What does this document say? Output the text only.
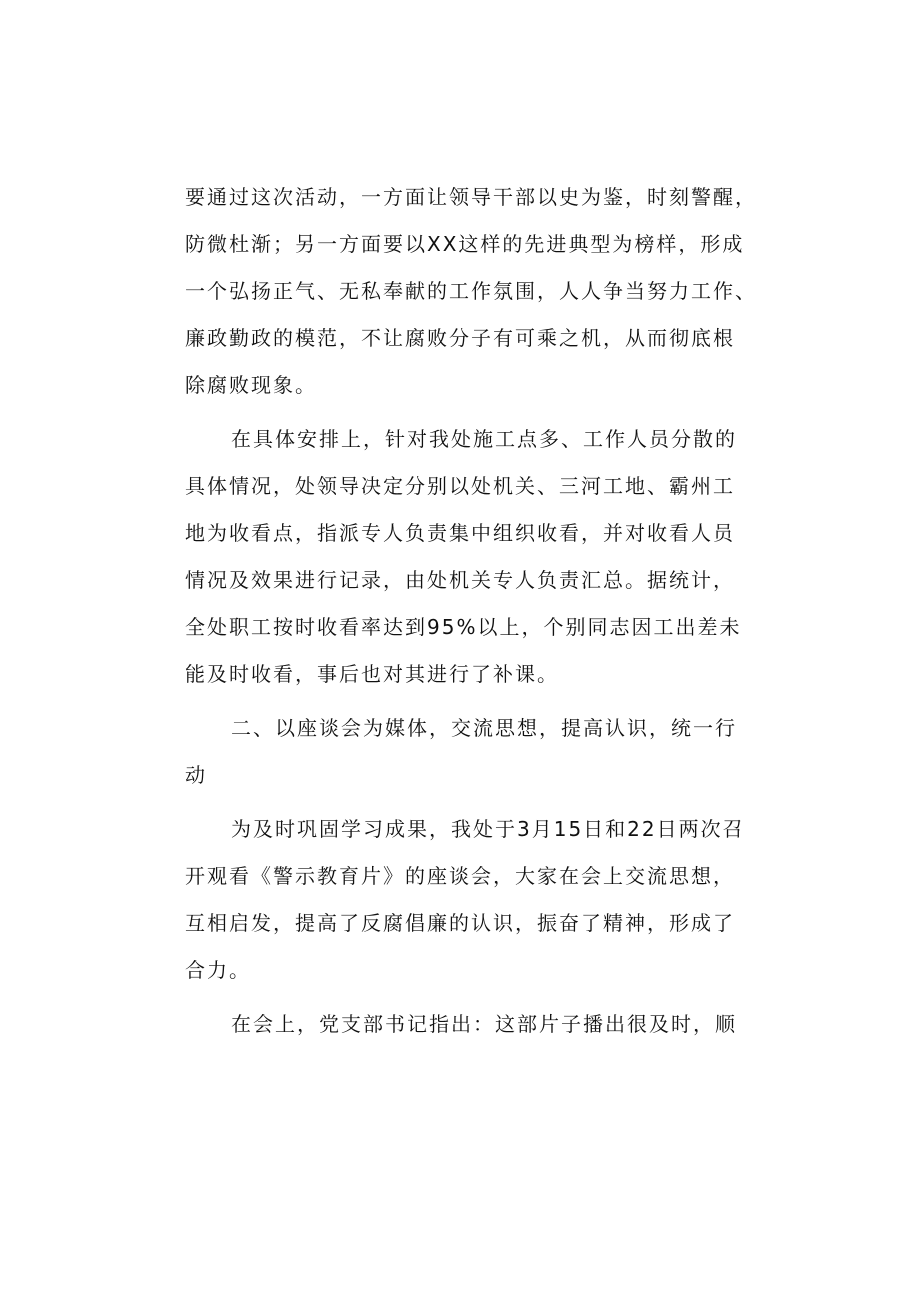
要通过这次活动，一方面让领导干部以史为鉴，时刻警醒，
防微杜渐；另一方面要以XX这样的先进典型为榜样，形成
一个弘扬正气、无私奉献的工作氛围，人人争当努力工作、
廉政勤政的模范，不让腐败分子有可乘之机，从而彻底根
除腐败现象。
在具体安排上，针对我处施工点多、工作人员分散的
具体情况，处领导决定分别以处机关、三河工地、霸州工
地为收看点，指派专人负责集中组织收看，并对收看人员
情况及效果进行记录，由处机关专人负责汇总。据统计，
全处职工按时收看率达到95%以上，个别同志因工出差未
能及时收看，事后也对其进行了补课。
二、以座谈会为媒体，交流思想，提高认识，统一行
动
为及时巩固学习成果，我处于3月15日和22日两次召
开观看《警示教育片》的座谈会，大家在会上交流思想，
互相启发，提高了反腐倡廉的认识，振奋了精神，形成了
合力。
在会上，党支部书记指出：这部片子播出很及时，顺
